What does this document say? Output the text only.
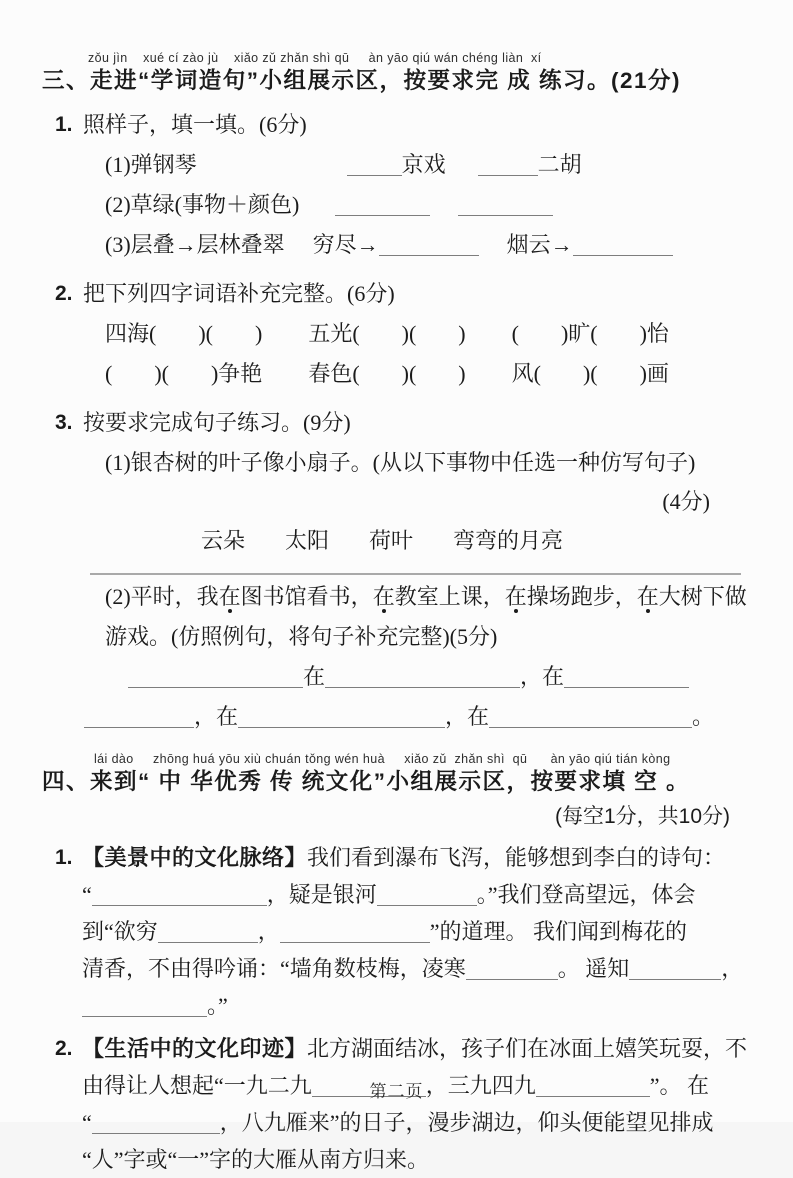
zǒu jìn    xué cí zào jù    xiǎo zǔ zhǎn shì qū     àn yāo qiú wán chéng liàn  xí
三、走进“学词造句”小组展示区，按要求完 成 练习。(21分)
1. 照样子，填一填。(6分)
(1)弹钢琴	京戏	二胡
(2)草绿(事物＋颜色)
(3)层叠→层林叠翠 穷尽→	烟云→
2. 把下列四字词语补充完整。(6分)
四海( )( ) 五光( )( ) ( )旷( )怡
( )( )争艳 春色( )( ) 风( )( )画
3. 按要求完成句子练习。(9分)
(1)银杏树的叶子像小扇子。(从以下事物中任选一种仿写句子)
(4分)
云朵 太阳 荷叶 弯弯的月亮
(2)平时，我在图书馆看书，在教室上课，在操场跑步，在大树下做
游戏。(仿照例句，将句子补充完整)(5分)
在	，在
，在	，在	。
lái dào     zhōng huá yōu xiù chuán tǒng wén huà     xiǎo zǔ  zhǎn shì  qū      àn yāo qiú tián kòng
四、来到“ 中 华优秀 传 统文化”小组展示区，按要求填 空 。
(每空1分，共10分)
1. 【美景中的文化脉络】我们看到瀑布飞泻，能够想到李白的诗句：
“	，疑是银河	。”我们登高望远，体会
到“欲穷	，	”的道理。 我们闻到梅花的
清香，不由得吟诵：“墙角数枝梅，凌寒	。 遥知	，
。”
2. 【生活中的文化印迹】北方湖面结冰，孩子们在冰面上嬉笑玩耍，不
由得让人想起“一九二九	，三九四九	”。 在
“	，八九雁来”的日子，漫步湖边，仰头便能望见排成
“人”字或“一”字的大雁从南方归来。
第二页
